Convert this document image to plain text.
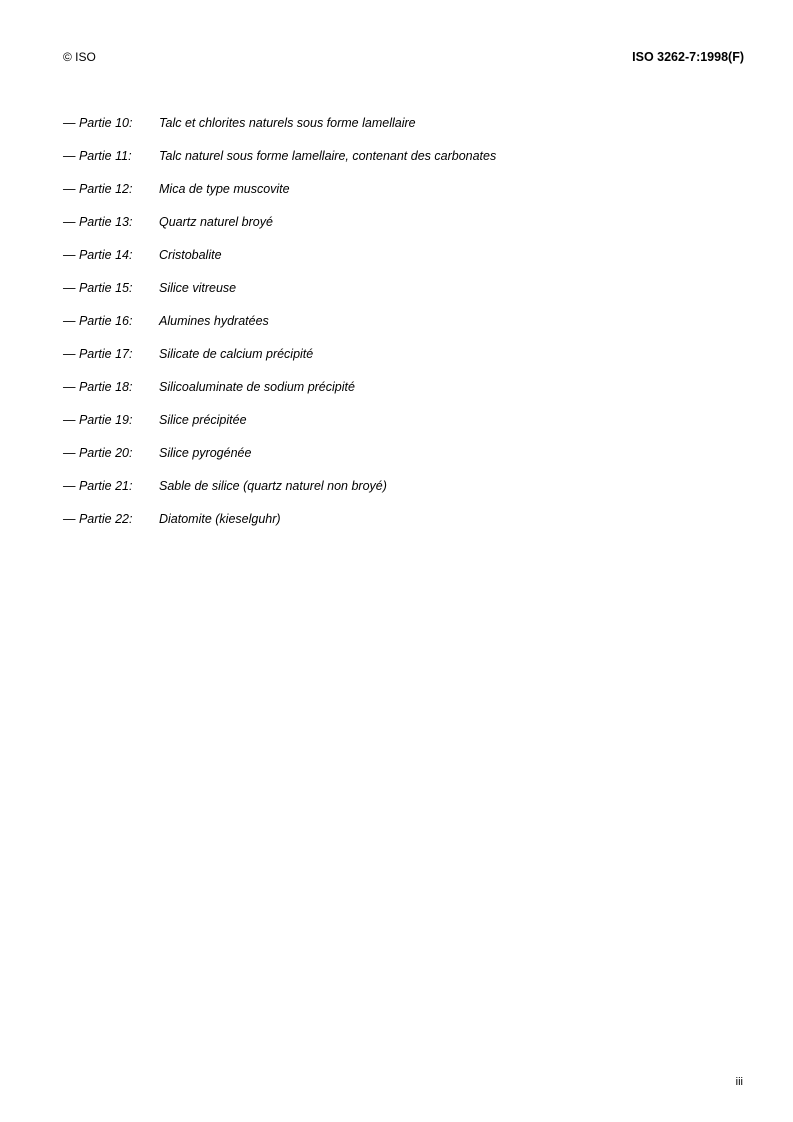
© ISO	ISO 3262-7:1998(F)
— Partie 10: Talc et chlorites naturels sous forme lamellaire
— Partie 11: Talc naturel sous forme lamellaire, contenant des carbonates
— Partie 12: Mica de type muscovite
— Partie 13: Quartz naturel broyé
— Partie 14: Cristobalite
— Partie 15: Silice vitreuse
— Partie 16: Alumines hydratées
— Partie 17: Silicate de calcium précipité
— Partie 18: Silicoaluminate de sodium précipité
— Partie 19: Silice précipitée
— Partie 20: Silice pyrogénée
— Partie 21: Sable de silice (quartz naturel non broyé)
— Partie 22: Diatomite (kieselguhr)
iii
